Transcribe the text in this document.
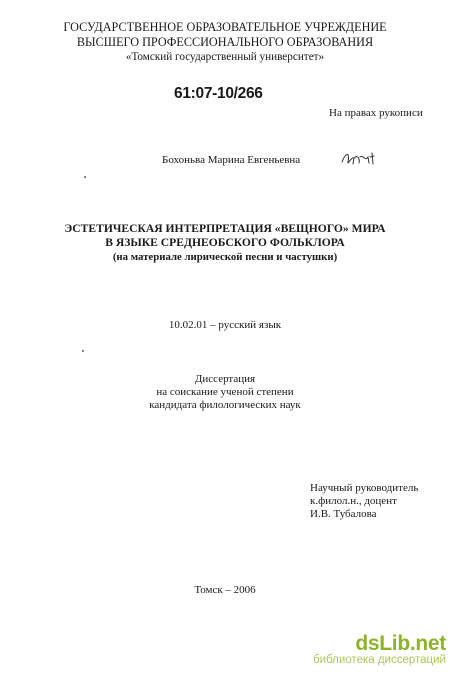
ГОСУДАРСТВЕННОЕ ОБРАЗОВАТЕЛЬНОЕ УЧРЕЖДЕНИЕ
ВЫСШЕГО ПРОФЕССИОНАЛЬНОГО ОБРАЗОВАНИЯ
«Томский государственный университет»
61:07-10/266
На правах рукописи
Бохоньва Марина Евгеньевна
ЭСТЕТИЧЕСКАЯ ИНТЕРПРЕТАЦИЯ «ВЕЩНОГО» МИРА
В ЯЗЫКЕ СРЕДНЕОБСКОГО ФОЛЬКЛОРА
(на материале лирической песни и частушки)
10.02.01 – русский язык
Диссертация
на соискание ученой степени
кандидата филологических наук
Научный руководитель
к.филол.н., доцент
И.В. Тубалова
Томск – 2006
dsLib.net
библиотека диссертаций
